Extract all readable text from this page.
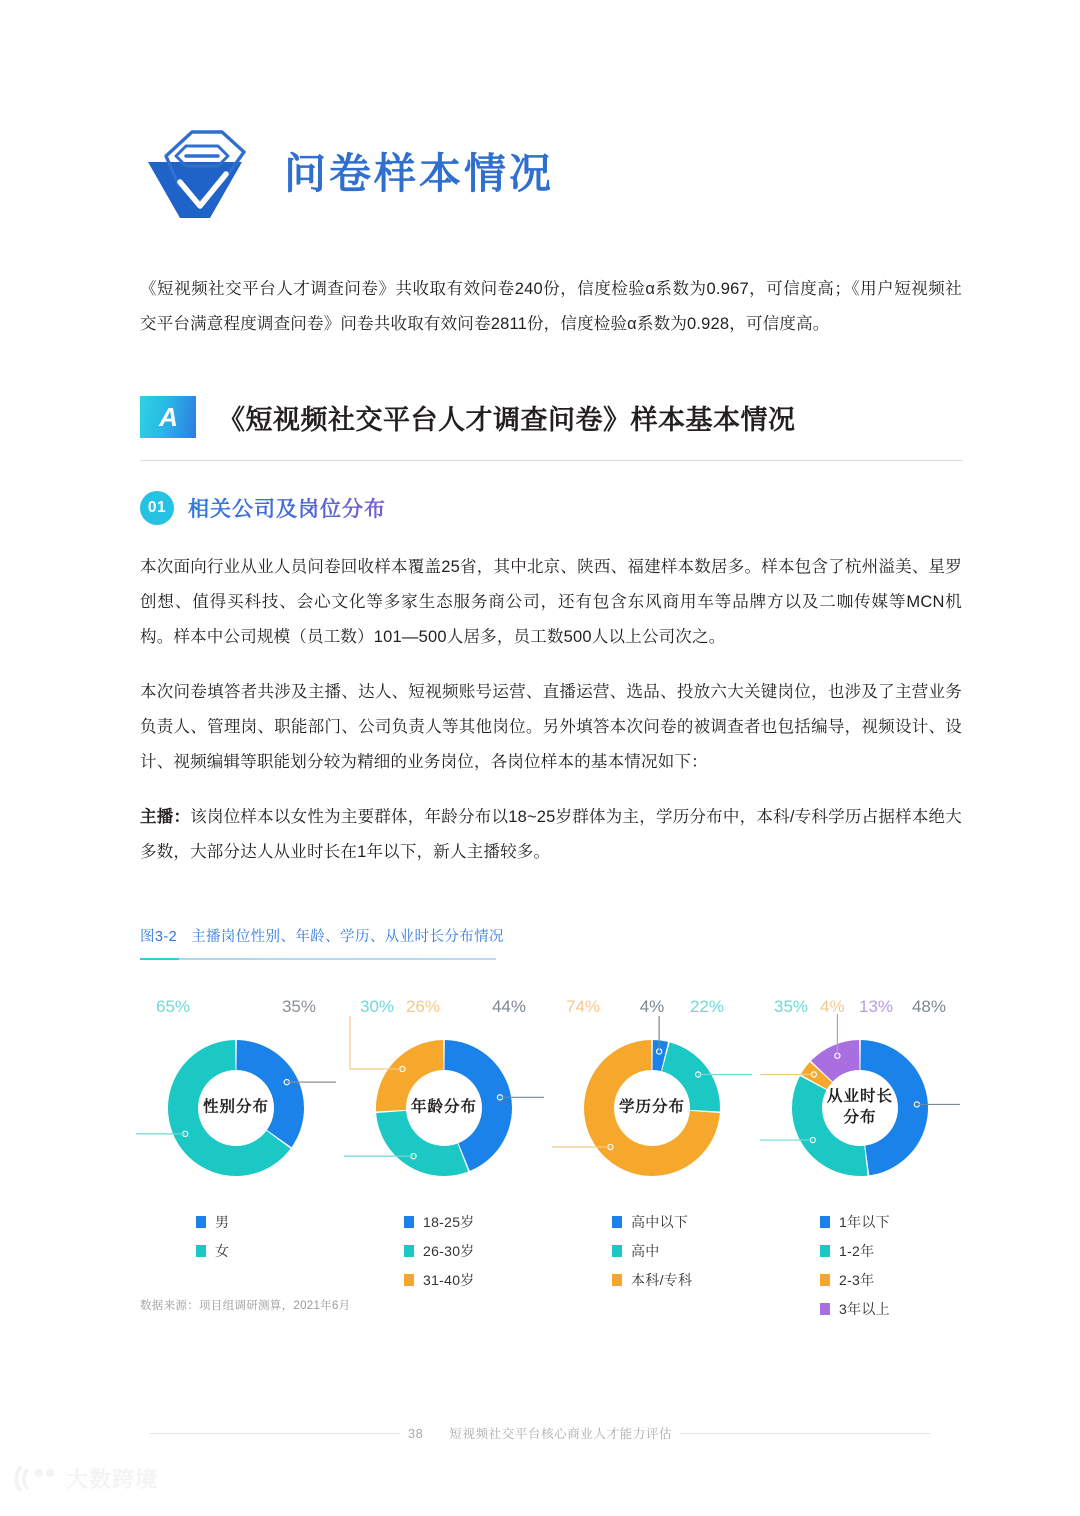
问卷样本情况
《短视频社交平台人才调查问卷》共收取有效问卷240份，信度检验α系数为0.967，可信度高；《用户短视频社交平台满意程度调查问卷》问卷共收取有效问卷2811份，信度检验α系数为0.928，可信度高。
A 《短视频社交平台人才调查问卷》样本基本情况
01	相关公司及岗位分布
本次面向行业从业人员问卷回收样本覆盖25省，其中北京、陕西、福建样本数居多。样本包含了杭州溢美、星罗创想、值得买科技、会心文化等多家生态服务商公司，还有包含东风商用车等品牌方以及二咖传媒等MCN机构。样本中公司规模（员工数）101—500人居多，员工数500人以上公司次之。
本次问卷填答者共涉及主播、达人、短视频账号运营、直播运营、选品、投放六大关键岗位，也涉及了主营业务负责人、管理岗、职能部门、公司负责人等其他岗位。另外填答本次问卷的被调查者也包括编导，视频设计、设计、视频编辑等职能划分较为精细的业务岗位，各岗位样本的基本情况如下：
主播：该岗位样本以女性为主要群体，年龄分布以18~25岁群体为主，学历分布中，本科/专科学历占据样本绝大多数，大部分达人从业时长在1年以下，新人主播较多。
图3-2 主播岗位性别、年龄、学历、从业时长分布情况
35%
65%
性别分布
男
女
44%
30% 26%
年龄分布
18-25岁
26-30岁
31-40岁
4% 22%
74%
学历分布
高中以下
高中
本科/专科
48%
35% 4% 13%
从业时长
分布
1年以下
1-2年
2-3年
3年以上
数据来源：项目组调研测算，2021年6月
38 短视频社交平台核心商业人才能力评估
大数跨境
